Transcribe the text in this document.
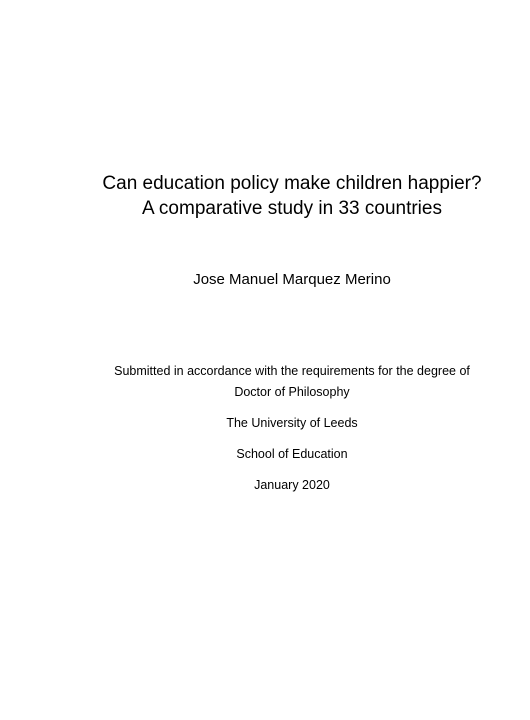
Can education policy make children happier?
A comparative study in 33 countries
Jose Manuel Marquez Merino
Submitted in accordance with the requirements for the degree of
Doctor of Philosophy
The University of Leeds
School of Education
January 2020
